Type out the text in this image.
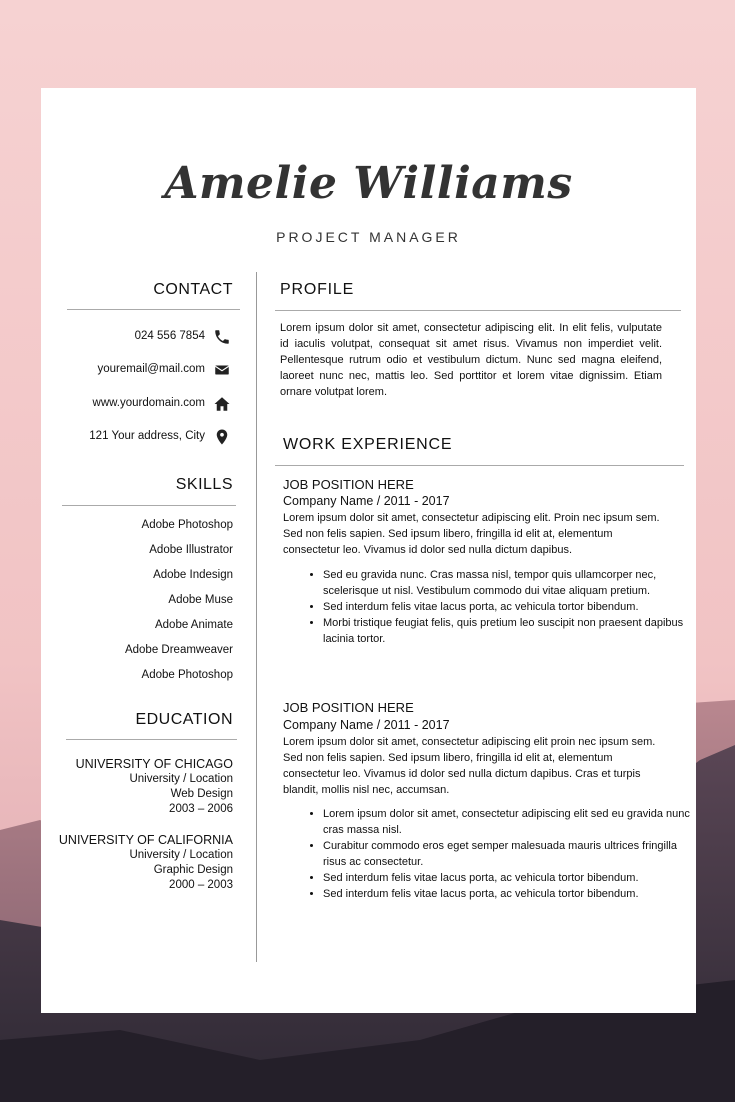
Amelie Williams
PROJECT MANAGER
CONTACT
024 556 7854
youremail@mail.com
www.yourdomain.com
121 Your address, City
SKILLS
Adobe Photoshop
Adobe Illustrator
Adobe Indesign
Adobe Muse
Adobe Animate
Adobe Dreamweaver
Adobe Photoshop
EDUCATION
UNIVERSITY OF CHICAGO
University / Location
Web Design
2003 – 2006
UNIVERSITY OF CALIFORNIA
University / Location
Graphic Design
2000 – 2003
PROFILE
Lorem ipsum dolor sit amet, consectetur adipiscing elit. In elit felis, vulputate id iaculis volutpat, consequat sit amet risus. Vivamus non imperdiet velit. Pellentesque rutrum odio et vestibulum dictum. Nunc sed magna eleifend, laoreet nunc nec, mattis leo. Sed porttitor et lorem vitae dignissim. Etiam ornare volutpat lorem.
WORK EXPERIENCE
JOB POSITION HERE
Company Name / 2011 - 2017
Lorem ipsum dolor sit amet, consectetur adipiscing elit. Proin nec ipsum sem. Sed non felis sapien. Sed ipsum libero, fringilla id elit at, elementum consectetur leo. Vivamus id dolor sed nulla dictum dapibus.
• Sed eu gravida nunc. Cras massa nisl, tempor quis ullamcorper nec, scelerisque ut nisl. Vestibulum commodo dui vitae aliquam pretium.
• Sed interdum felis vitae lacus porta, ac vehicula tortor bibendum.
• Morbi tristique feugiat felis, quis pretium leo suscipit non praesent dapibus lacinia tortor.
JOB POSITION HERE
Company Name / 2011 - 2017
Lorem ipsum dolor sit amet, consectetur adipiscing elit proin nec ipsum sem. Sed non felis sapien. Sed ipsum libero, fringilla id elit at, elementum consectetur leo. Vivamus id dolor sed nulla dictum dapibus. Cras et turpis blandit, mollis nisl nec, accumsan.
• Lorem ipsum dolor sit amet, consectetur adipiscing elit sed eu gravida nunc cras massa nisl.
• Curabitur commodo eros eget semper malesuada mauris ultrices fringilla risus ac consectetur.
• Sed interdum felis vitae lacus porta, ac vehicula tortor bibendum.
• Sed interdum felis vitae lacus porta, ac vehicula tortor bibendum.
